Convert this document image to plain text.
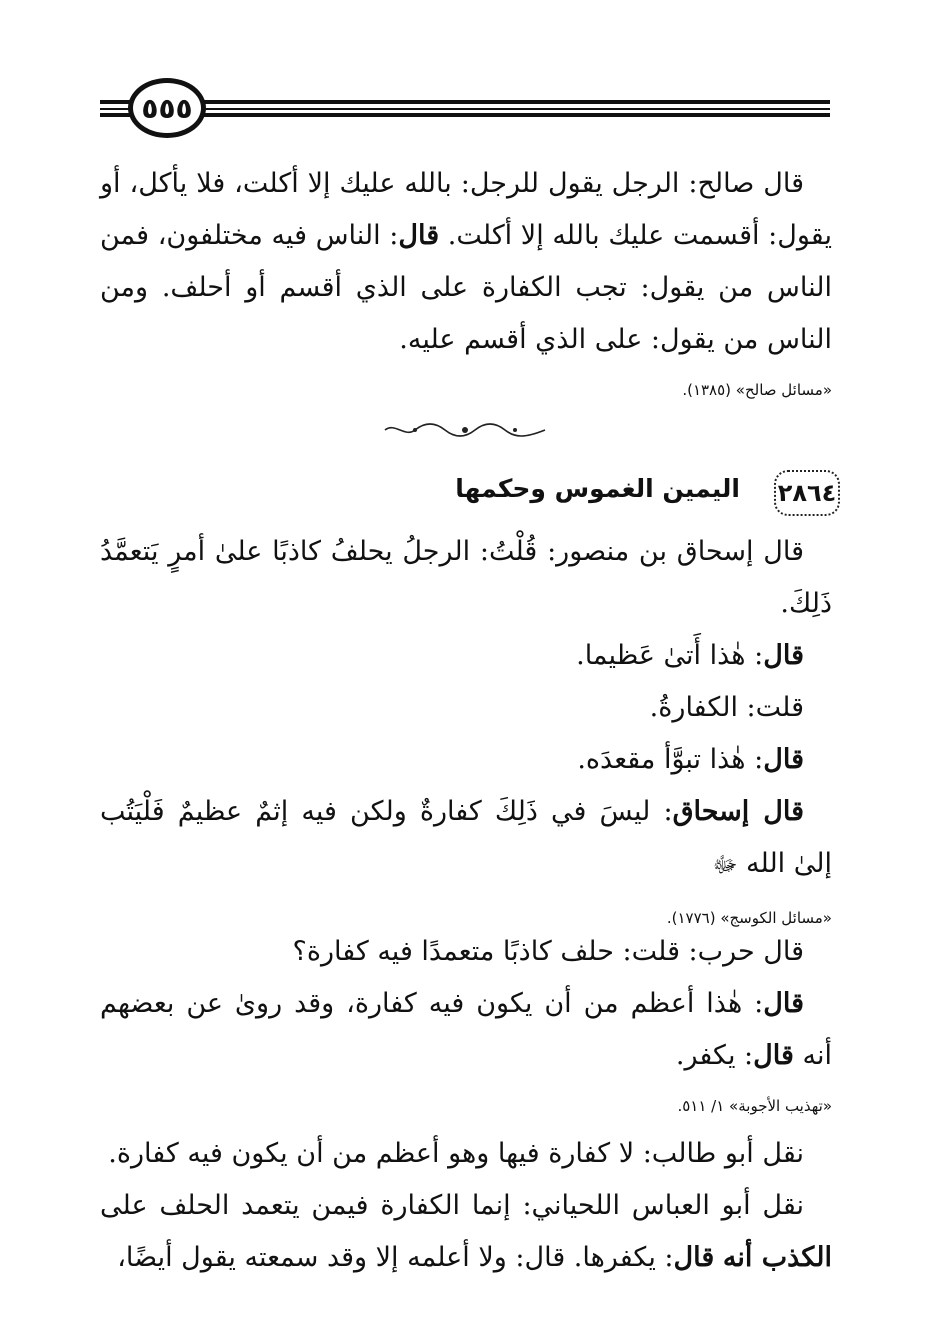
٥٥٥

قال صالح: الرجل يقول للرجل: بالله عليك إلا أكلت، فلا يأكل، أو يقول: أقسمت عليك بالله إلا أكلت. قال: الناس فيه مختلفون، فمن الناس من يقول: تجب الكفارة على الذي أقسم أو أحلف. ومن الناس من يقول: على الذي أقسم عليه.

«مسائل صالح» (١٣٨٥).

٢٨٦٤
اليمين الغموس وحكمها

قال إسحاق بن منصور: قُلْتُ: الرجلُ يحلفُ كاذبًا علىٰ أمرٍ يَتعمَّدُ ذَلِكَ.

قال: هٰذا أَتىٰ عَظيما.

قلت: الكفارةُ.

قال: هٰذا تبوَّأ مقعدَه.

قال إسحاق: ليسَ في ذَلِكَ كفارةٌ ولكن فيه إثمٌ عظيمٌ فَلْيَتُب إلىٰ الله ﷻ

«مسائل الكوسج» (١٧٧٦).

قال حرب: قلت: حلف كاذبًا متعمدًا فيه كفارة؟

قال: هٰذا أعظم من أن يكون فيه كفارة، وقد رویٰ عن بعضهم أنه قال: يكفر.

«تهذيب الأجوبة» ١/ ٥١١.

نقل أبو طالب: لا كفارة فيها وهو أعظم من أن يكون فيه كفارة.

نقل أبو العباس اللحياني: إنما الكفارة فيمن يتعمد الحلف على الكذب أنه قال: يكفرها. قال: ولا أعلمه إلا وقد سمعته يقول أيضًا،
